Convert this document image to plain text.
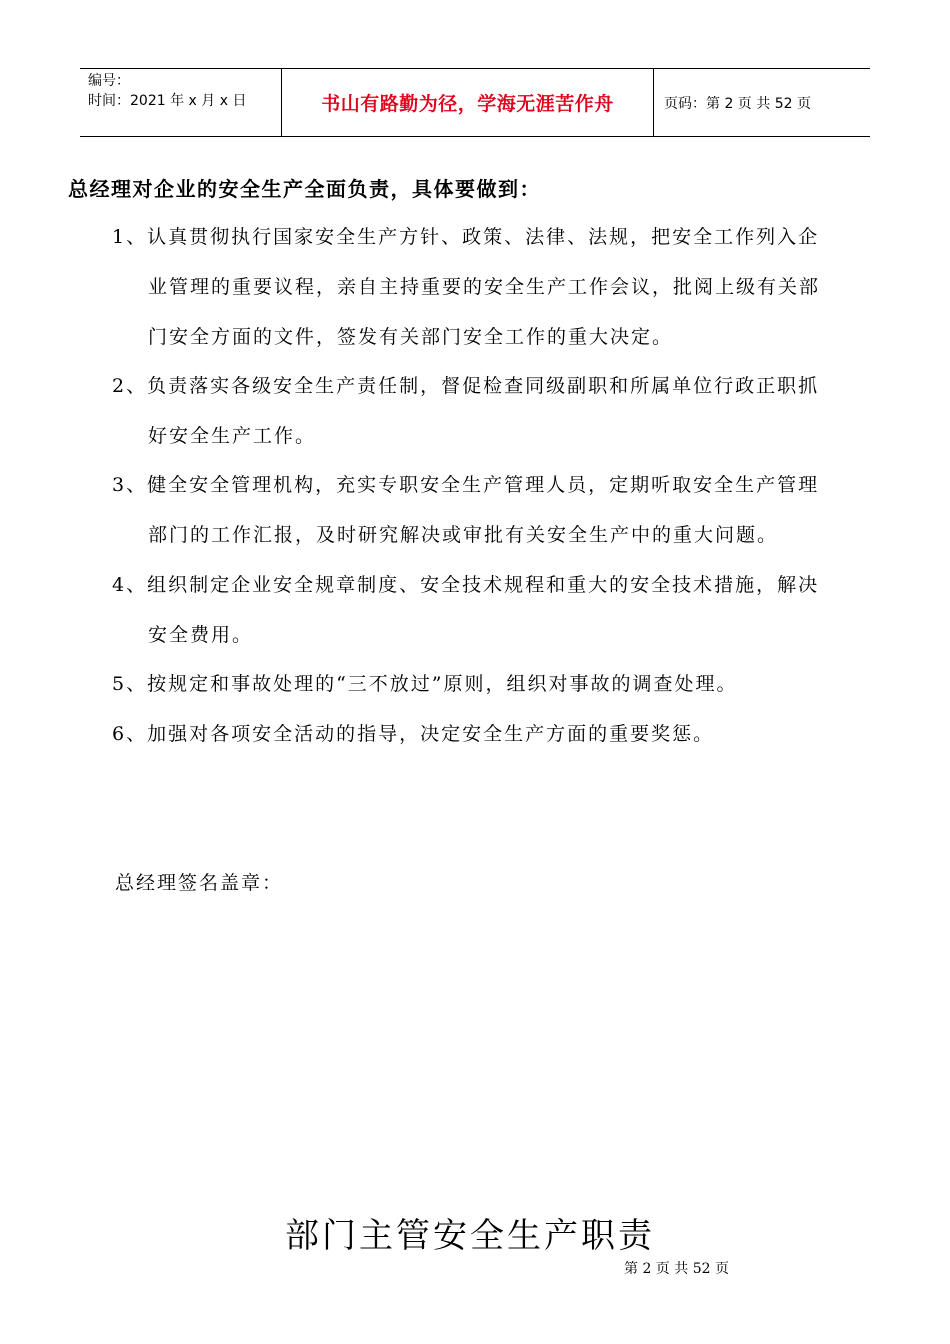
编号：
时间：2021 年 x 月 x 日	书山有路勤为径，学海无涯苦作舟	页码：第 2 页 共 52 页
总经理对企业的安全生产全面负责，具体要做到：
1、认真贯彻执行国家安全生产方针、政策、法律、法规，把安全工作列入企
业管理的重要议程，亲自主持重要的安全生产工作会议，批阅上级有关部
门安全方面的文件，签发有关部门安全工作的重大决定。
2、负责落实各级安全生产责任制，督促检查同级副职和所属单位行政正职抓
好安全生产工作。
3、健全安全管理机构，充实专职安全生产管理人员，定期听取安全生产管理
部门的工作汇报，及时研究解决或审批有关安全生产中的重大问题。
4、组织制定企业安全规章制度、安全技术规程和重大的安全技术措施，解决
安全费用。
5、按规定和事故处理的“三不放过”原则，组织对事故的调查处理。
6、加强对各项安全活动的指导，决定安全生产方面的重要奖惩。
总经理签名盖章：
部门主管安全生产职责
第 2 页 共 52 页
